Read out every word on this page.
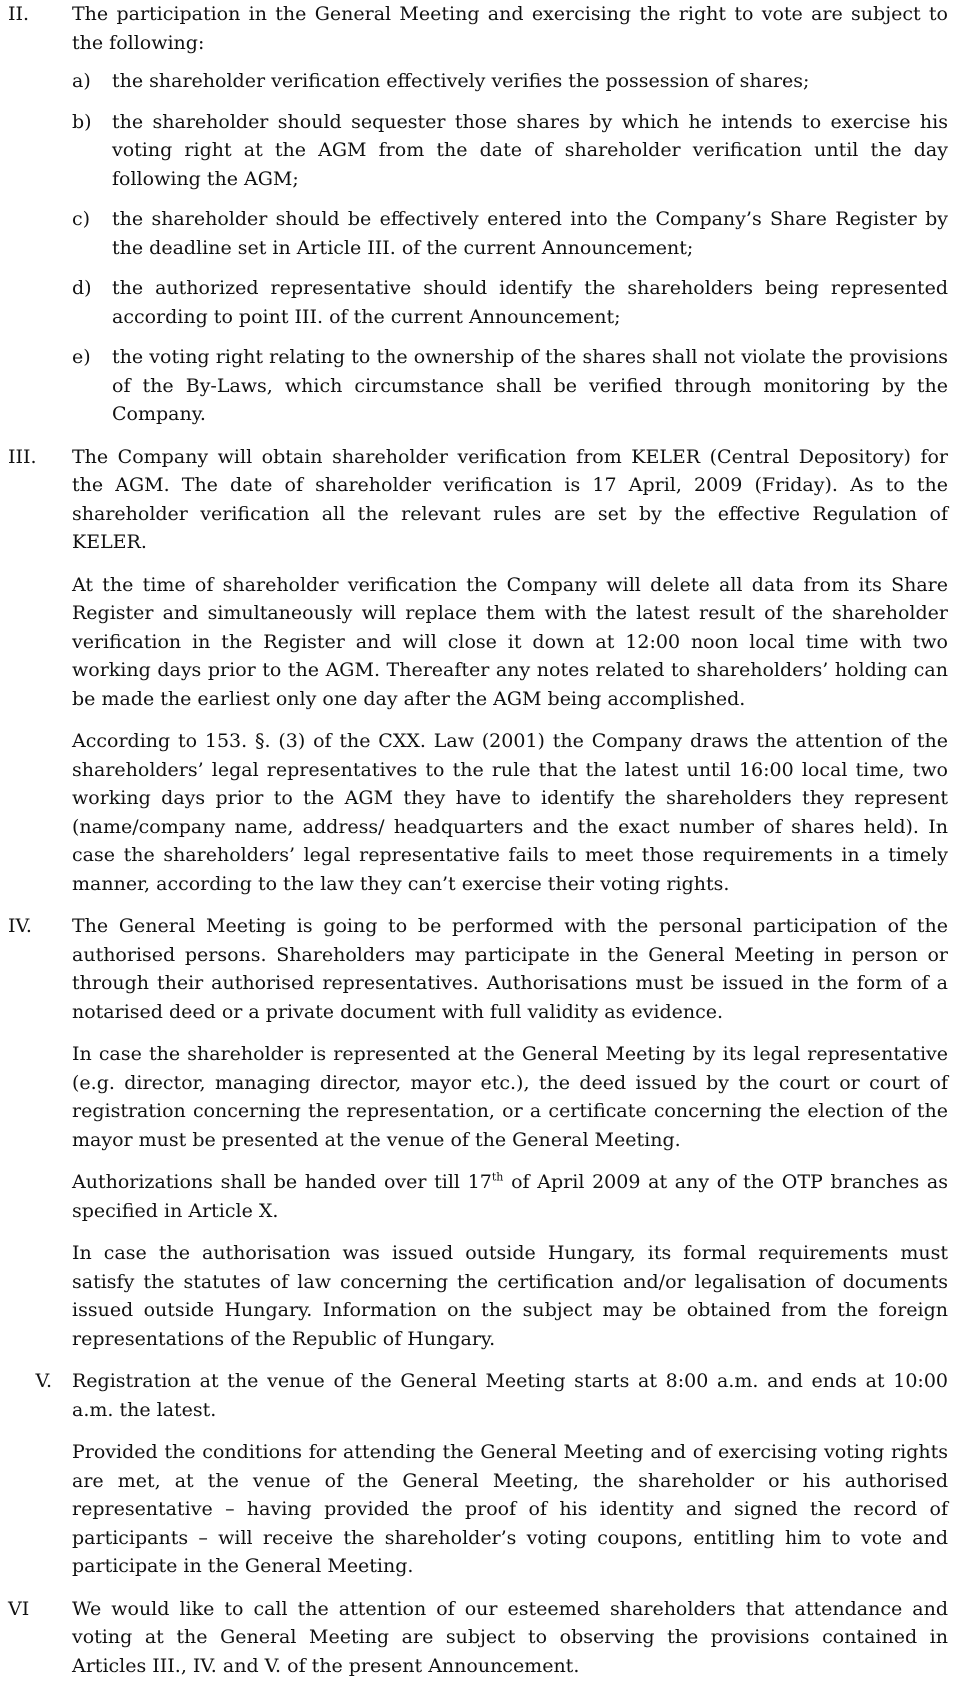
II.	The participation in the General Meeting and exercising the right to vote are subject to the following:

a)	the shareholder verification effectively verifies the possession of shares;
b)	the shareholder should sequester those shares by which he intends to exercise his voting right at the AGM from the date of shareholder verification until the day following the AGM;
c)	the shareholder should be effectively entered into the Company’s Share Register by the deadline set in Article III. of the current Announcement;
d)	the authorized representative should identify the shareholders being represented according to point III. of the current Announcement;
e)	the voting right relating to the ownership of the shares shall not violate the provisions of the By-Laws, which circumstance shall be verified through monitoring by the Company.
III.	The Company will obtain shareholder verification from KELER (Central Depository) for the AGM. The date of shareholder verification is 17 April, 2009 (Friday). As to the shareholder verification all the relevant rules are set by the effective Regulation of KELER.

At the time of shareholder verification the Company will delete all data from its Share Register and simultaneously will replace them with the latest result of the shareholder verification in the Register and will close it down at 12:00 noon local time with two working days prior to the AGM. Thereafter any notes related to shareholders’ holding can be made the earliest only one day after the AGM being accomplished.

According to 153. §. (3) of the CXX. Law (2001) the Company draws the attention of the shareholders’ legal representatives to the rule that the latest until 16:00 local time, two working days prior to the AGM they have to identify the shareholders they represent (name/company name, address/ headquarters and the exact number of shares held). In case the shareholders’ legal representative fails to meet those requirements in a timely manner, according to the law they can’t exercise their voting rights.

IV.	The General Meeting is going to be performed with the personal participation of the authorised persons. Shareholders may participate in the General Meeting in person or through their authorised representatives. Authorisations must be issued in the form of a notarised deed or a private document with full validity as evidence.

In case the shareholder is represented at the General Meeting by its legal representative (e.g. director, managing director, mayor etc.), the deed issued by the court or court of registration concerning the representation, or a certificate concerning the election of the mayor must be presented at the venue of the General Meeting.

Authorizations shall be handed over till 17th of April 2009 at any of the OTP branches as specified in Article X.

In case the authorisation was issued outside Hungary, its formal requirements must satisfy the statutes of law concerning the certification and/or legalisation of documents issued outside Hungary. Information on the subject may be obtained from the foreign representations of the Republic of Hungary.

V.	Registration at the venue of the General Meeting starts at 8:00 a.m. and ends at 10:00 a.m. the latest.

Provided the conditions for attending the General Meeting and of exercising voting rights are met, at the venue of the General Meeting, the shareholder or his authorised representative – having provided the proof of his identity and signed the record of participants – will receive the shareholder’s voting coupons, entitling him to vote and participate in the General Meeting.

VI	We would like to call the attention of our esteemed shareholders that attendance and voting at the General Meeting are subject to observing the provisions contained in Articles III., IV. and V. of the present Announcement.
